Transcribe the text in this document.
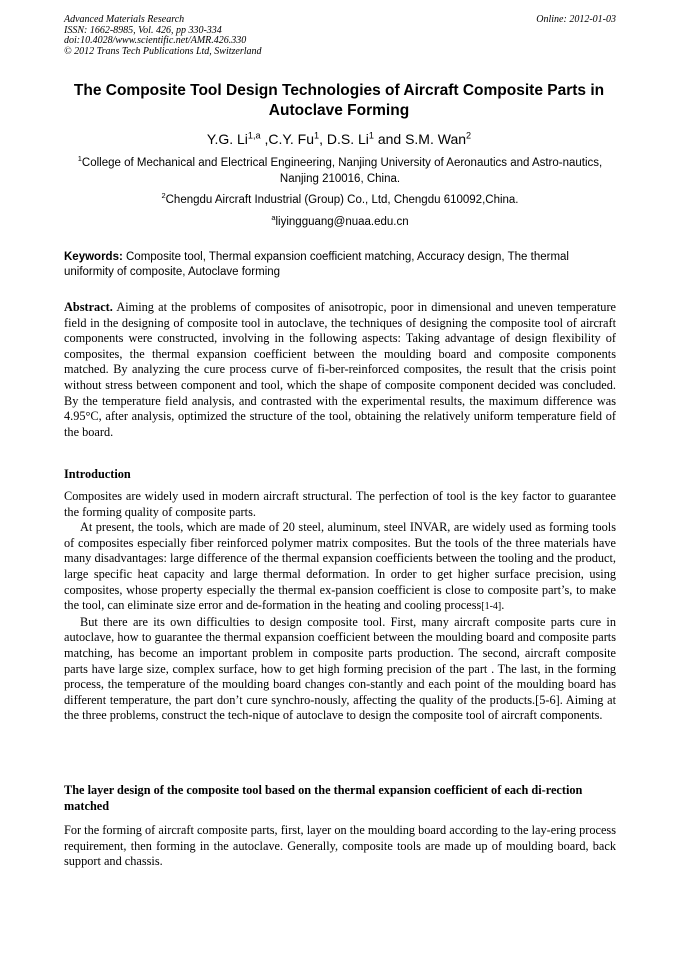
Advanced Materials Research
ISSN: 1662-8985, Vol. 426, pp 330-334
doi:10.4028/www.scientific.net/AMR.426.330
© 2012 Trans Tech Publications Ltd, Switzerland
Online: 2012-01-03
The Composite Tool Design Technologies of Aircraft Composite Parts in Autoclave Forming
Y.G. Li$^{1,a}$ ,C.Y. Fu$^1$, D.S. Li$^1$ and S.M. Wan$^2$
$^1$College of Mechanical and Electrical Engineering, Nanjing University of Aeronautics and Astro-nautics, Nanjing 210016, China.
$^2$Chengdu Aircraft Industrial (Group) Co., Ltd, Chengdu 610092,China.
$^a$liyingguang@nuaa.edu.cn
Keywords: Composite tool, Thermal expansion coefficient matching, Accuracy design, The thermal uniformity of composite, Autoclave forming
Abstract. Aiming at the problems of composites of anisotropic, poor in dimensional and uneven temperature field in the designing of composite tool in autoclave, the techniques of designing the composite tool of aircraft components were constructed, involving in the following aspects: Taking advantage of design flexibility of composites, the thermal expansion coefficient between the moulding board and composite components matched. By analyzing the cure process curve of fi-ber-reinforced composites, the result that the crisis point without stress between component and tool, which the shape of composite component decided was concluded. By the temperature field analysis, and contrasted with the experimental results, the maximum difference was 4.95°C, after analysis, optimized the structure of the tool, obtaining the relatively uniform temperature field of the board.
Introduction

Composites are widely used in modern aircraft structural. The perfection of tool is the key factor to guarantee the forming quality of composite parts.

At present, the tools, which are made of 20 steel, aluminum, steel INVAR, are widely used as forming tools of composites especially fiber reinforced polymer matrix composites. But the tools of the three materials have many disadvantages: large difference of the thermal expansion coefficients between the tooling and the product, large specific heat capacity and large thermal deformation. In order to get higher surface precision, using composites, whose property especially the thermal ex-pansion coefficient is close to composite part’s, to make the tool, can eliminate size error and de-formation in the heating and cooling process[1-4].

But there are its own difficulties to design composite tool. First, many aircraft composite parts cure in autoclave, how to guarantee the thermal expansion coefficient between the moulding board and composite parts matching, has become an important problem in composite parts production. The second, aircraft composite parts have large size, complex surface, how to get high forming precision of the part . The last, in the forming process, the temperature of the moulding board changes con-stantly and each point of the moulding board has different temperature, the part don’t cure synchro-nously, affecting the quality of the products.[5-6]. Aiming at the three problems, construct the tech-nique of autoclave to design the composite tool of aircraft components.

The layer design of the composite tool based on the thermal expansion coefficient of each di-rection matched

For the forming of aircraft composite parts, first, layer on the moulding board according to the lay-ering process requirement, then forming in the autoclave. Generally, composite tools are made up of moulding board, back support and chassis.
